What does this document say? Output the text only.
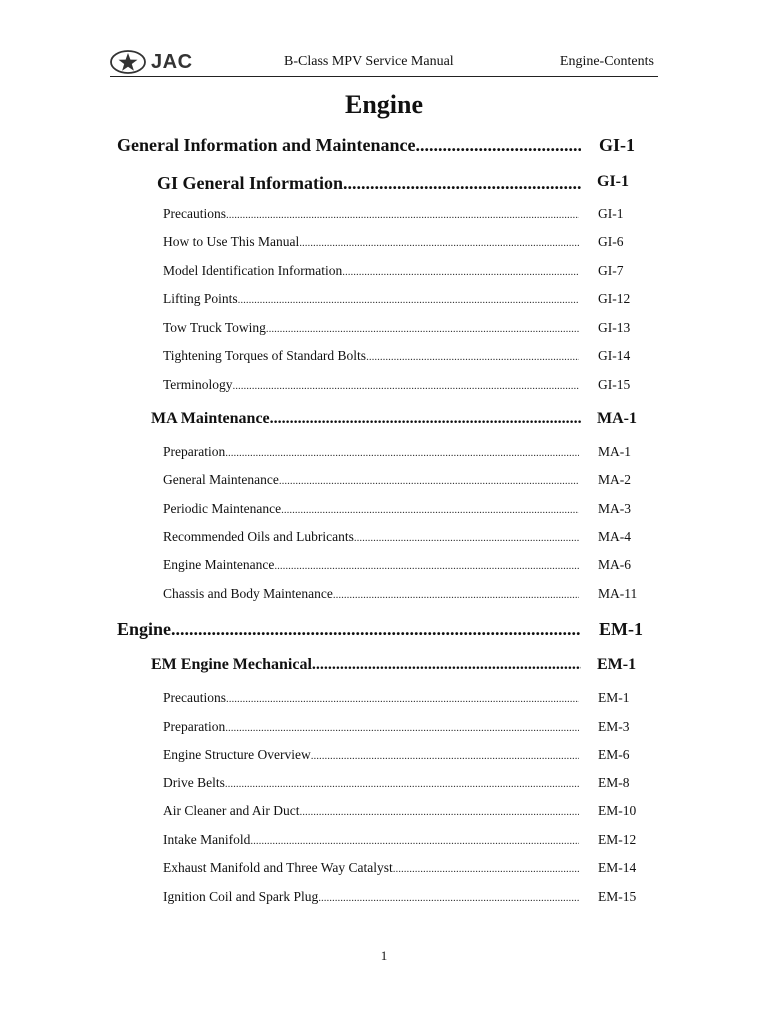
JAC	B-Class MPV Service Manual	Engine-Contents
Engine
General Information and Maintenance .....	GI-1
GI General Information .....	GI-1
Precautions .....	GI-1
How to Use This Manual .....	GI-6
Model Identification Information .....	GI-7
Lifting Points .....	GI-12
Tow Truck Towing .....	GI-13
Tightening Torques of Standard Bolts .....	GI-14
Terminology .....	GI-15
MA Maintenance .....	MA-1
Preparation .....	MA-1
General Maintenance .....	MA-2
Periodic Maintenance .....	MA-3
Recommended Oils and Lubricants .....	MA-4
Engine Maintenance .....	MA-6
Chassis and Body Maintenance .....	MA-11
Engine .....	EM-1
EM Engine Mechanical .....	EM-1
Precautions .....	EM-1
Preparation .....	EM-3
Engine Structure Overview .....	EM-6
Drive Belts .....	EM-8
Air Cleaner and Air Duct .....	EM-10
Intake Manifold .....	EM-12
Exhaust Manifold and Three Way Catalyst .....	EM-14
Ignition Coil and Spark Plug .....	EM-15
1
